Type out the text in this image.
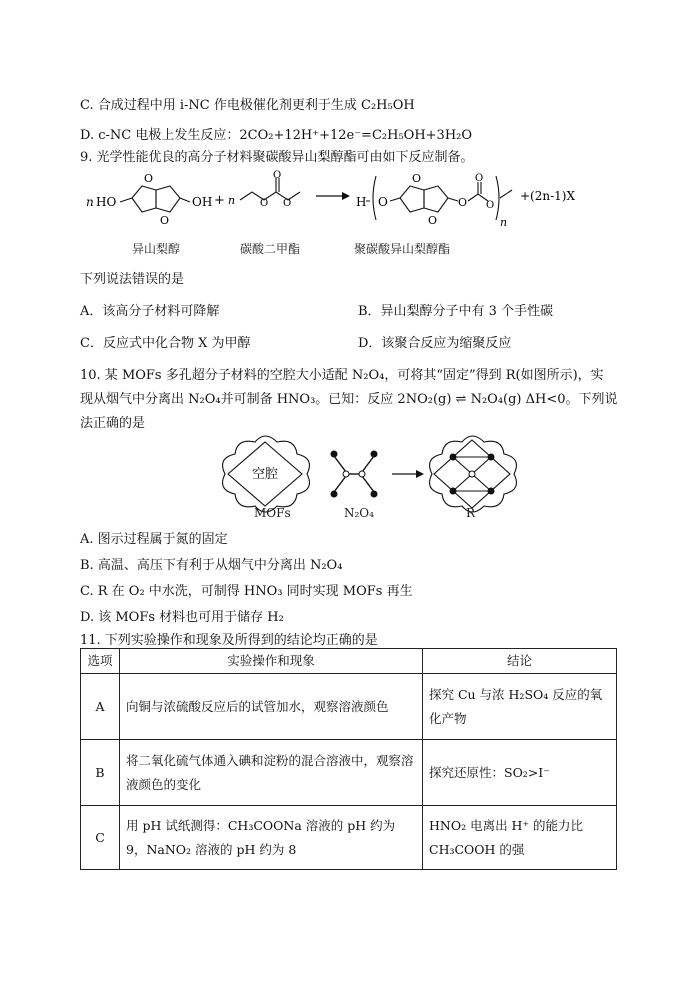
C. 合成过程中用 i-NC 作电极催化剂更利于生成 C₂H₅OH
D. c-NC 电极上发生反应：2CO₂+12H⁺+12e⁻=C₂H₅OH+3H₂O
9. 光学性能优良的高分子材料聚碳酸异山梨醇酯可由如下反应制备。
n HO
O
O
OH + n
O
O O	H O
O
O
O
O
O
n
+(2n-1)X
异山梨醇	碳酸二甲酯	聚碳酸异山梨醇酯
下列说法错误的是
A．该高分子材料可降解	B．异山梨醇分子中有 3 个手性碳
C．反应式中化合物 X 为甲醇	D．该聚合反应为缩聚反应
10. 某 MOFs 多孔超分子材料的空腔大小适配 N₂O₄，可将其“固定”得到 R(如图所示)，实
现从烟气中分离出 N₂O₄并可制备 HNO₃。已知：反应 2NO₂(g) ⇌ N₂O₄(g) ΔH<0。下列说
法正确的是
空腔
MOFs	N₂O₄	R
A. 图示过程属于氮的固定
B. 高温、高压下有利于从烟气中分离出 N₂O₄
C. R 在 O₂ 中水洗，可制得 HNO₃ 同时实现 MOFs 再生
D. 该 MOFs 材料也可用于储存 H₂
11. 下列实验操作和现象及所得到的结论均正确的是
选项	实验操作和现象	结论
A	向铜与浓硫酸反应后的试管加水，观察溶液颜色	探究 Cu 与浓 H₂SO₄ 反应的氧化产物
B	将二氧化硫气体通入碘和淀粉的混合溶液中，观察溶液颜色的变化	探究还原性：SO₂>I⁻
C	用 pH 试纸测得：CH₃COONa 溶液的 pH 约为 9，NaNO₂ 溶液的 pH 约为 8	HNO₂ 电离出 H⁺ 的能力比 CH₃COOH 的强
